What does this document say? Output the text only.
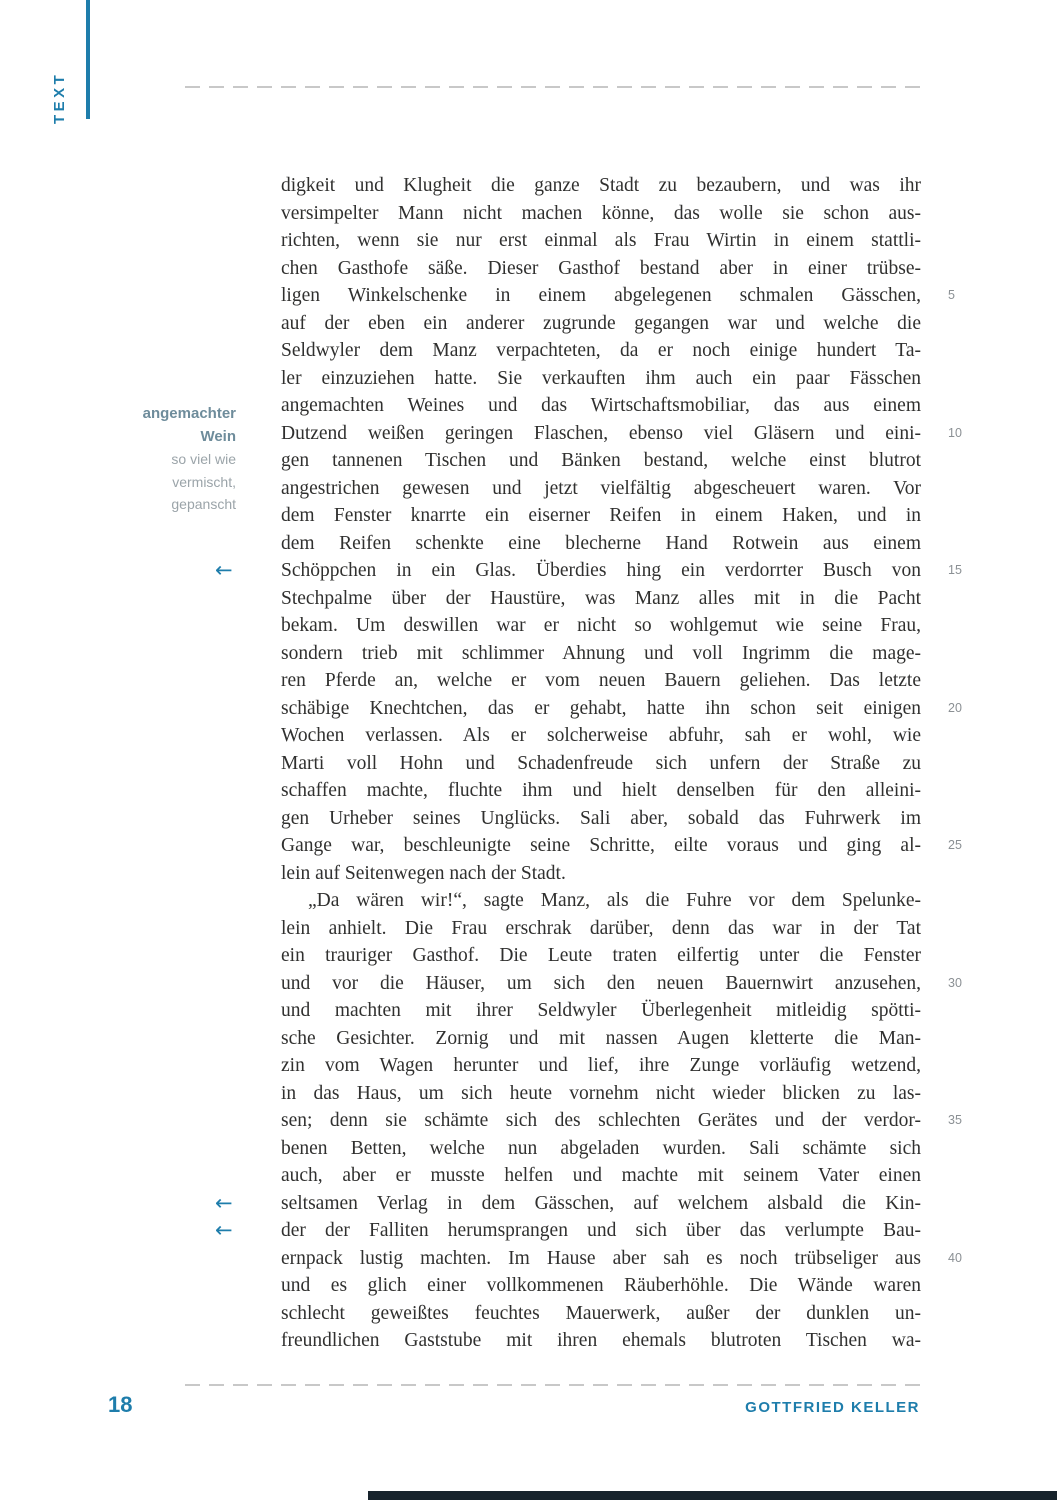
TEXT
angemachter
Wein
so viel wie
vermischt,
gepanscht
digkeit und Klugheit die ganze Stadt zu bezaubern, und was ihr
versimpelter Mann nicht machen könne, das wolle sie schon aus-
richten, wenn sie nur erst einmal als Frau Wirtin in einem stattli-
chen Gasthofe säße. Dieser Gasthof bestand aber in einer trübse-
ligen Winkelschenke in einem abgelegenen schmalen Gässchen, 5
auf der eben ein anderer zugrunde gegangen war und welche die
Seldwyler dem Manz verpachteten, da er noch einige hundert Ta-
ler einzuziehen hatte. Sie verkauften ihm auch ein paar Fässchen
angemachten Weines und das Wirtschaftsmobiliar, das aus einem
Dutzend weißen geringen Flaschen, ebenso viel Gläsern und eini- 10
gen tannenen Tischen und Bänken bestand, welche einst blutrot
angestrichen gewesen und jetzt vielfältig abgescheuert waren. Vor
dem Fenster knarrte ein eiserner Reifen in einem Haken, und in
dem Reifen schenkte eine blecherne Hand Rotwein aus einem
←	Schöppchen in ein Glas. Überdies hing ein verdorrter Busch von 15
Stechpalme über der Haustüre, was Manz alles mit in die Pacht
bekam. Um deswillen war er nicht so wohlgemut wie seine Frau,
sondern trieb mit schlimmer Ahnung und voll Ingrimm die mage-
ren Pferde an, welche er vom neuen Bauern geliehen. Das letzte
schäbige Knechtchen, das er gehabt, hatte ihn schon seit einigen 20
Wochen verlassen. Als er solcherweise abfuhr, sah er wohl, wie
Marti voll Hohn und Schadenfreude sich unfern der Straße zu
schaffen machte, fluchte ihm und hielt denselben für den alleini-
gen Urheber seines Unglücks. Sali aber, sobald das Fuhrwerk im
Gange war, beschleunigte seine Schritte, eilte voraus und ging al- 25
lein auf Seitenwegen nach der Stadt.
„Da wären wir!“, sagte Manz, als die Fuhre vor dem Spelunke-
lein anhielt. Die Frau erschrak darüber, denn das war in der Tat
ein trauriger Gasthof. Die Leute traten eilfertig unter die Fenster
und vor die Häuser, um sich den neuen Bauernwirt anzusehen, 30
und machten mit ihrer Seldwyler Überlegenheit mitleidig spötti-
sche Gesichter. Zornig und mit nassen Augen kletterte die Man-
zin vom Wagen herunter und lief, ihre Zunge vorläufig wetzend,
in das Haus, um sich heute vornehm nicht wieder blicken zu las-
sen; denn sie schämte sich des schlechten Gerätes und der verdor- 35
benen Betten, welche nun abgeladen wurden. Sali schämte sich
auch, aber er musste helfen und machte mit seinem Vater einen
←	seltsamen Verlag in dem Gässchen, auf welchem alsbald die Kin-
←	der der Falliten herumsprangen und sich über das verlumpte Bau-
ernpack lustig machten. Im Hause aber sah es noch trübseliger aus 40
und es glich einer vollkommenen Räuberhöhle. Die Wände waren
schlecht geweißtes feuchtes Mauerwerk, außer der dunklen un-
freundlichen Gaststube mit ihren ehemals blutroten Tischen wa-
18	GOTTFRIED KELLER
